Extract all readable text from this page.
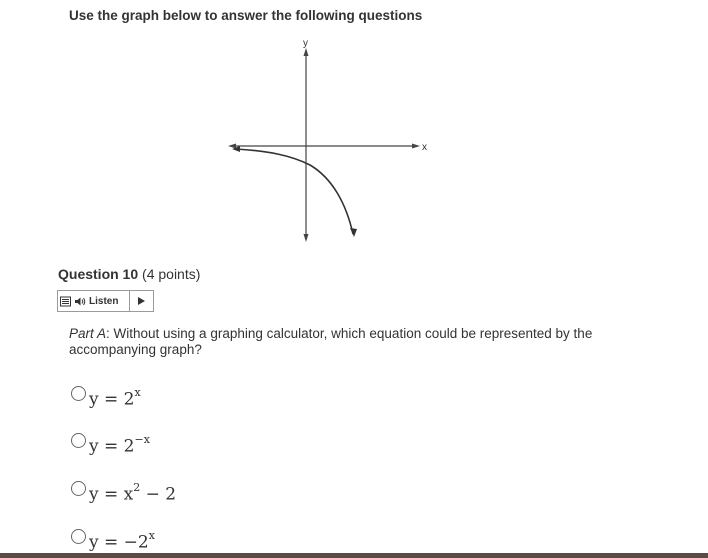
Use the graph below to answer the following questions
x
y
Question 10 (4 points)
Listen
Part A: Without using a graphing calculator, which equation could be represented by the accompanying graph?
$y = 2^x$
$y = 2^{-x}$
$y = x^2 - 2$
$y = -2^x$
